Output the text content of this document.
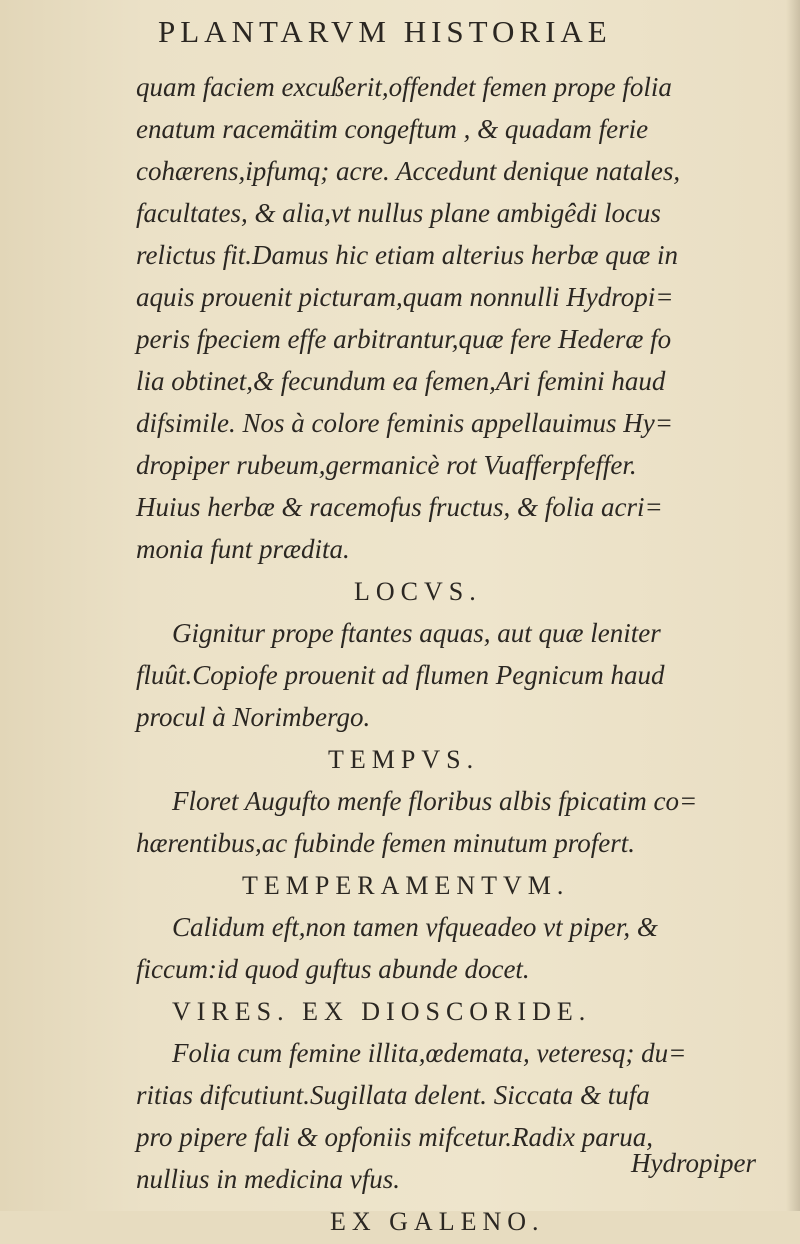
PLANTARVM HISTORIAE
quam faciem excußerit,offendet femen prope folia
enatum racemätim congeftum , & quadam ferie
cohærens,ipfumq; acre. Accedunt denique natales,
facultates, & alia,vt nullus plane ambigêdi locus
relictus fit.Damus hic etiam alterius herbæ quæ in
aquis prouenit picturam,quam nonnulli Hydropi=
peris fpeciem effe arbitrantur,quæ fere Hederæ fo
lia obtinet,& fecundum ea femen,Ari femini haud
difsimile. Nos à colore feminis appellauimus Hy=
dropiper rubeum,germanicè rot Vuafferpfeffer.
Huius herbæ & racemofus fructus, & folia acri=
monia funt prædita.
LOCVS.
Gignitur prope ftantes aquas, aut quæ leniter
fluût.Copiofe prouenit ad flumen Pegnicum haud
procul à Norimbergo.
TEMPVS.
Floret Augufto menfe floribus albis fpicatim co=
hærentibus,ac fubinde femen minutum profert.
TEMPERAMENTVM.
Calidum eft,non tamen vfqueadeo vt piper, &
ficcum:id quod guftus abunde docet.
VIRES. EX DIOSCORIDE.
Folia cum femine illita,œdemata, veteresq; du=
ritias difcutiunt.Sugillata delent. Siccata & tufa
pro pipere fali & opfoniis mifcetur.Radix parua,
nullius in medicina vfus.
EX GALENO.
Hydropiper
